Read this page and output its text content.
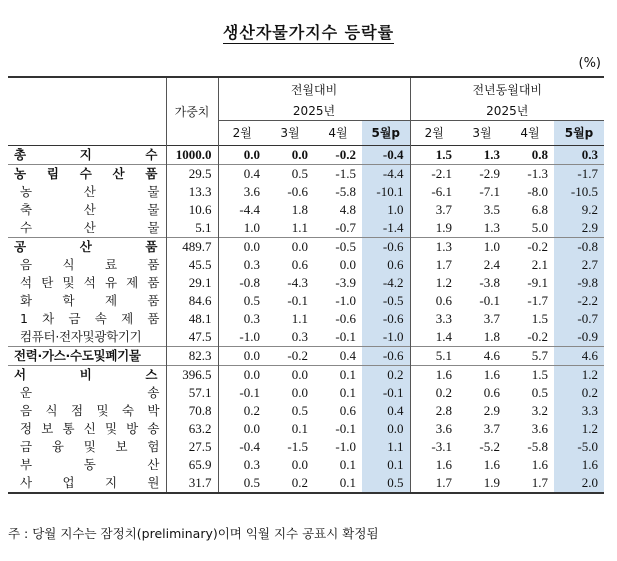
생산자물가지수 등락률
(%)
	가중치	전월대비				전년동월대비			
		2025년				2025년			
		2월	3월	4월	5월p	2월	3월	4월	5월p

총 지 수	1000.0	0.0	0.0	-0.2	-0.4	1.5	1.3	0.8	0.3

농 림 수 산 품	29.5	0.4	0.5	-1.5	-4.4	-2.1	-2.9	-1.3	-1.7

농 산 물	13.3	3.6	-0.6	-5.8	-10.1	-6.1	-7.1	-8.0	-10.5

축 산 물	10.6	-4.4	1.8	4.8	1.0	3.7	3.5	6.8	9.2

수 산 물	5.1	1.0	1.1	-0.7	-1.4	1.9	1.3	5.0	2.9

공 산 품	489.7	0.0	0.0	-0.5	-0.6	1.3	1.0	-0.2	-0.8

음 식 료 품	45.5	0.3	0.6	0.0	0.6	1.7	2.4	2.1	2.7

석 탄 및 석 유 제 품	29.1	-0.8	-4.3	-3.9	-4.2	1.2	-3.8	-9.1	-9.8

화 학 제 품	84.6	0.5	-0.1	-1.0	-0.5	0.6	-0.1	-1.7	-2.2

1 차 금 속 제 품	48.1	0.3	1.1	-0.6	-0.6	3.3	3.7	1.5	-0.7

컴퓨터·전자및광학기기	47.5	-1.0	0.3	-0.1	-1.0	1.4	1.8	-0.2	-0.9

전력·가스·수도및폐기물	82.3	0.0	-0.2	0.4	-0.6	5.1	4.6	5.7	4.6

서 비 스	396.5	0.0	0.0	0.1	0.2	1.6	1.6	1.5	1.2

운 송	57.1	-0.1	0.0	0.1	-0.1	0.2	0.6	0.5	0.2

음 식 점 및 숙 박	70.8	0.2	0.5	0.6	0.4	2.8	2.9	3.2	3.3

정 보 통 신 및 방 송	63.2	0.0	0.1	-0.1	0.0	3.6	3.7	3.6	1.2

금 융 및 보 험	27.5	-0.4	-1.5	-1.0	1.1	-3.1	-5.2	-5.8	-5.0

부 동 산	65.9	0.3	0.0	0.1	0.1	1.6	1.6	1.6	1.6

사 업 지 원	31.7	0.5	0.2	0.1	0.5	1.7	1.9	1.7	2.0
주 : 당월 지수는 잠정치(preliminary)이며 익월 지수 공표시 확정됨
